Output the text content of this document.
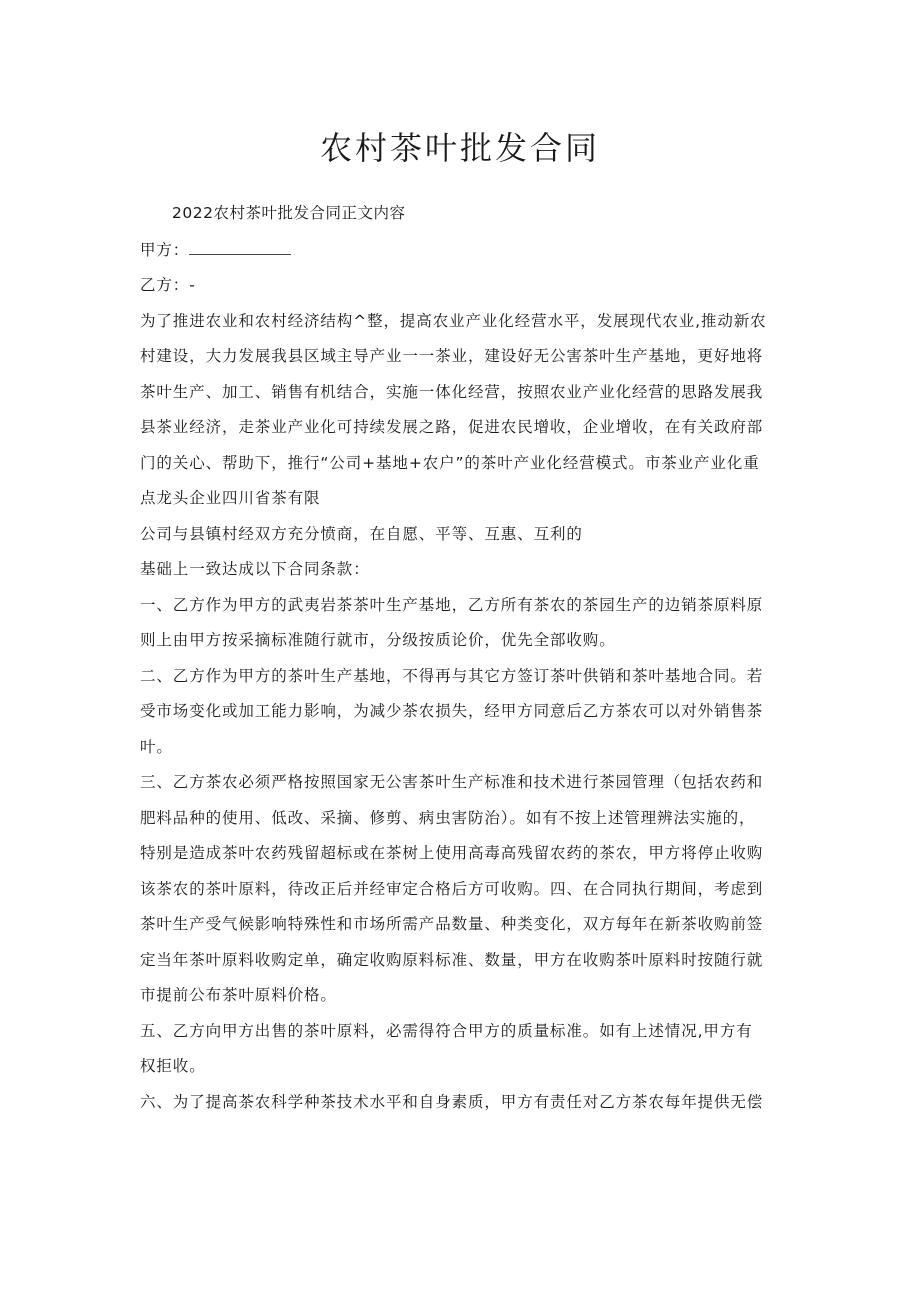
农村茶叶批发合同

2022农村茶叶批发合同正文内容

甲方：

乙方：-

为了推进农业和农村经济结构^整，提高农业产业化经营水平，发展现代农业,推动新农

村建设，大力发展我县区域主导产业一一茶业，建设好无公害茶叶生产基地，更好地将

茶叶生产、加工、销售有机结合，实施一体化经营，按照农业产业化经营的思路发展我

县茶业经济，走茶业产业化可持续发展之路，促进农民增收，企业增收，在有关政府部

门的关心、帮助下，推行“公司+基地+农户”的茶叶产业化经营模式。市茶业产业化重

点龙头企业四川省茶有限

公司与县镇村经双方充分愤商，在自愿、平等、互惠、互利的

基础上一致达成以下合同条款：

一、乙方作为甲方的武夷岩茶茶叶生产基地，乙方所有茶农的茶园生产的边销茶原料原

则上由甲方按采摘标准随行就市，分级按质论价，优先全部收购。

二、乙方作为甲方的茶叶生产基地，不得再与其它方签订茶叶供销和茶叶基地合同。若

受市场变化或加工能力影响，为减少茶农损失，经甲方同意后乙方茶农可以对外销售茶

叶。

三、乙方茶农必须严格按照国家无公害茶叶生产标准和技术进行茶园管理（包括农药和

肥料品种的使用、低改、采摘、修剪、病虫害防治）。如有不按上述管理辨法实施的，

特别是造成茶叶农药残留超标或在茶树上使用高毒高残留农药的茶农，甲方将停止收购

该茶农的茶叶原料，待改正后并经审定合格后方可收购。四、在合同执行期间，考虑到

茶叶生产受气候影响特殊性和市场所需产品数量、种类变化，双方每年在新茶收购前签

定当年茶叶原料收购定单，确定收购原料标准、数量，甲方在收购茶叶原料时按随行就

市提前公布茶叶原料价格。

五、乙方向甲方出售的茶叶原料，必需得符合甲方的质量标准。如有上述情况,甲方有

权拒收。

六、为了提高茶农科学种茶技术水平和自身素质，甲方有责任对乙方茶农每年提供无偿
